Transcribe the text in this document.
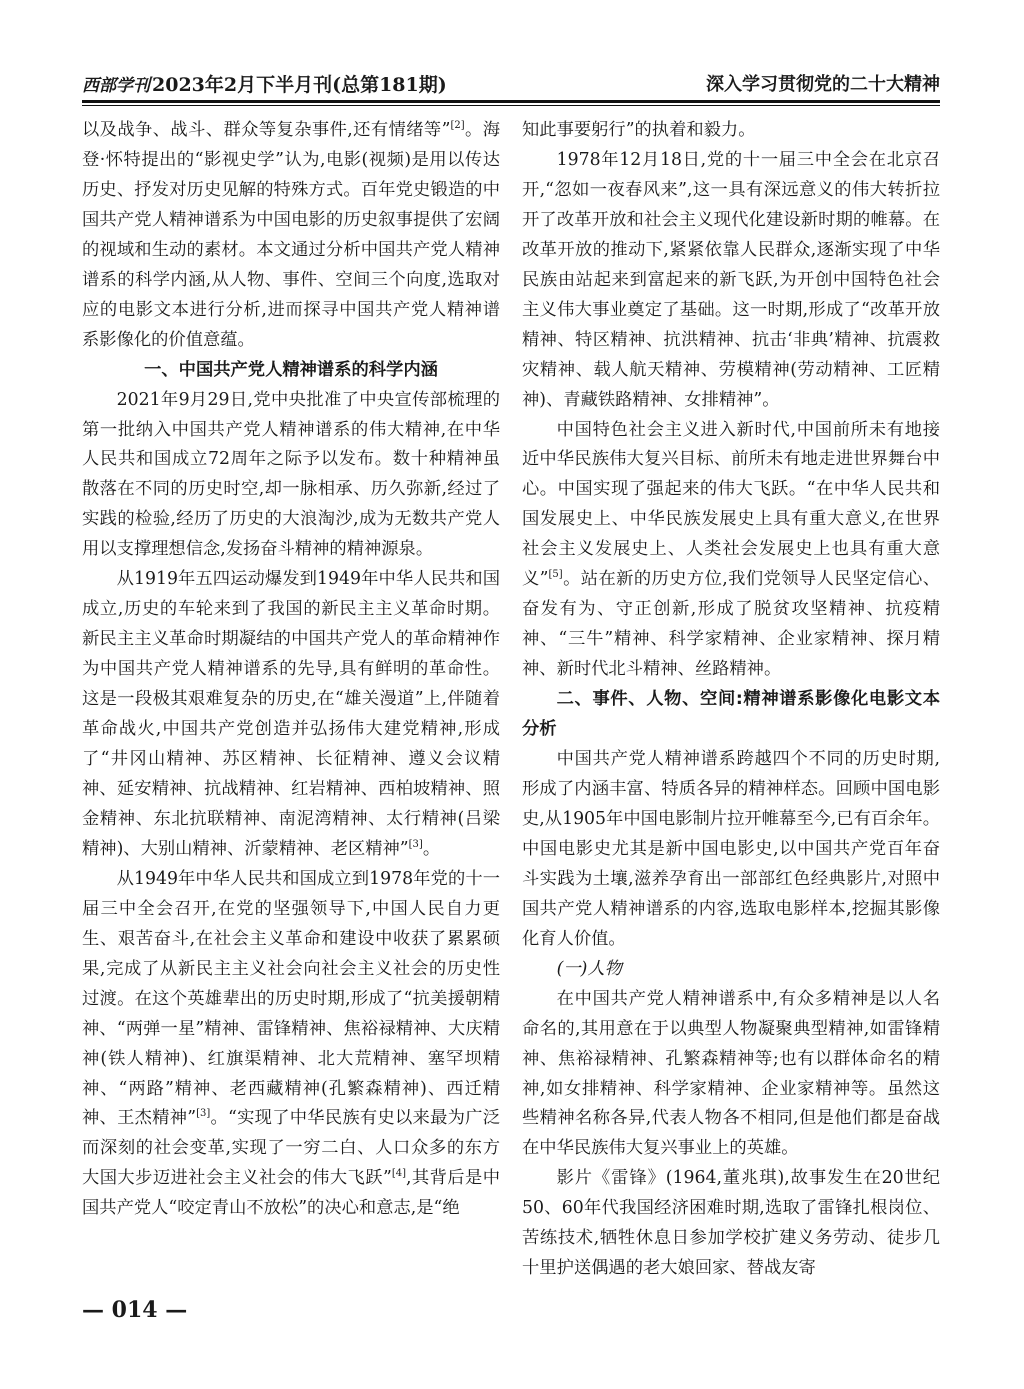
西部学刊 2023年2月下半月刊(总第181期)	深入学习贯彻党的二十大精神

以及战争、战斗、群众等复杂事件,还有情绪等”[2]。海登·怀特提出的“影视史学”认为,电影(视频)是用以传达历史、抒发对历史见解的特殊方式。百年党史锻造的中国共产党人精神谱系为中国电影的历史叙事提供了宏阔的视域和生动的素材。本文通过分析中国共产党人精神谱系的科学内涵,从人物、事件、空间三个向度,选取对应的电影文本进行分析,进而探寻中国共产党人精神谱系影像化的价值意蕴。

一、中国共产党人精神谱系的科学内涵

2021年9月29日,党中央批准了中央宣传部梳理的第一批纳入中国共产党人精神谱系的伟大精神,在中华人民共和国成立72周年之际予以发布。数十种精神虽散落在不同的历史时空,却一脉相承、历久弥新,经过了实践的检验,经历了历史的大浪淘沙,成为无数共产党人用以支撑理想信念,发扬奋斗精神的精神源泉。

从1919年五四运动爆发到1949年中华人民共和国成立,历史的车轮来到了我国的新民主主义革命时期。新民主主义革命时期凝结的中国共产党人的革命精神作为中国共产党人精神谱系的先导,具有鲜明的革命性。这是一段极其艰难复杂的历史,在“雄关漫道”上,伴随着革命战火,中国共产党创造并弘扬伟大建党精神,形成了“井冈山精神、苏区精神、长征精神、遵义会议精神、延安精神、抗战精神、红岩精神、西柏坡精神、照金精神、东北抗联精神、南泥湾精神、太行精神(吕梁精神)、大别山精神、沂蒙精神、老区精神”[3]。

从1949年中华人民共和国成立到1978年党的十一届三中全会召开,在党的坚强领导下,中国人民自力更生、艰苦奋斗,在社会主义革命和建设中收获了累累硕果,完成了从新民主主义社会向社会主义社会的历史性过渡。在这个英雄辈出的历史时期,形成了“抗美援朝精神、“两弹一星”精神、雷锋精神、焦裕禄精神、大庆精神(铁人精神)、红旗渠精神、北大荒精神、塞罕坝精神、“两路”精神、老西藏精神(孔繁森精神)、西迁精神、王杰精神”[3]。“实现了中华民族有史以来最为广泛而深刻的社会变革,实现了一穷二白、人口众多的东方大国大步迈进社会主义社会的伟大飞跃”[4],其背后是中国共产党人“咬定青山不放松”的决心和意志,是“绝

知此事要躬行”的执着和毅力。

1978年12月18日,党的十一届三中全会在北京召开,“忽如一夜春风来”,这一具有深远意义的伟大转折拉开了改革开放和社会主义现代化建设新时期的帷幕。在改革开放的推动下,紧紧依靠人民群众,逐渐实现了中华民族由站起来到富起来的新飞跃,为开创中国特色社会主义伟大事业奠定了基础。这一时期,形成了“改革开放精神、特区精神、抗洪精神、抗击‘非典’精神、抗震救灾精神、载人航天精神、劳模精神(劳动精神、工匠精神)、青藏铁路精神、女排精神”。

中国特色社会主义进入新时代,中国前所未有地接近中华民族伟大复兴目标、前所未有地走进世界舞台中心。中国实现了强起来的伟大飞跃。“在中华人民共和国发展史上、中华民族发展史上具有重大意义,在世界社会主义发展史上、人类社会发展史上也具有重大意义”[5]。站在新的历史方位,我们党领导人民坚定信心、奋发有为、守正创新,形成了脱贫攻坚精神、抗疫精神、“三牛”精神、科学家精神、企业家精神、探月精神、新时代北斗精神、丝路精神。

二、事件、人物、空间:精神谱系影像化电影文本分析

中国共产党人精神谱系跨越四个不同的历史时期,形成了内涵丰富、特质各异的精神样态。回顾中国电影史,从1905年中国电影制片拉开帷幕至今,已有百余年。中国电影史尤其是新中国电影史,以中国共产党百年奋斗实践为土壤,滋养孕育出一部部红色经典影片,对照中国共产党人精神谱系的内容,选取电影样本,挖掘其影像化育人价值。

(一)人物

在中国共产党人精神谱系中,有众多精神是以人名命名的,其用意在于以典型人物凝聚典型精神,如雷锋精神、焦裕禄精神、孔繁森精神等;也有以群体命名的精神,如女排精神、科学家精神、企业家精神等。虽然这些精神名称各异,代表人物各不相同,但是他们都是奋战在中华民族伟大复兴事业上的英雄。

影片《雷锋》(1964,董兆琪),故事发生在20世纪50、60年代我国经济困难时期,选取了雷锋扎根岗位、苦练技术,牺牲休息日参加学校扩建义务劳动、徒步几十里护送偶遇的老大娘回家、替战友寄

— 014 —
